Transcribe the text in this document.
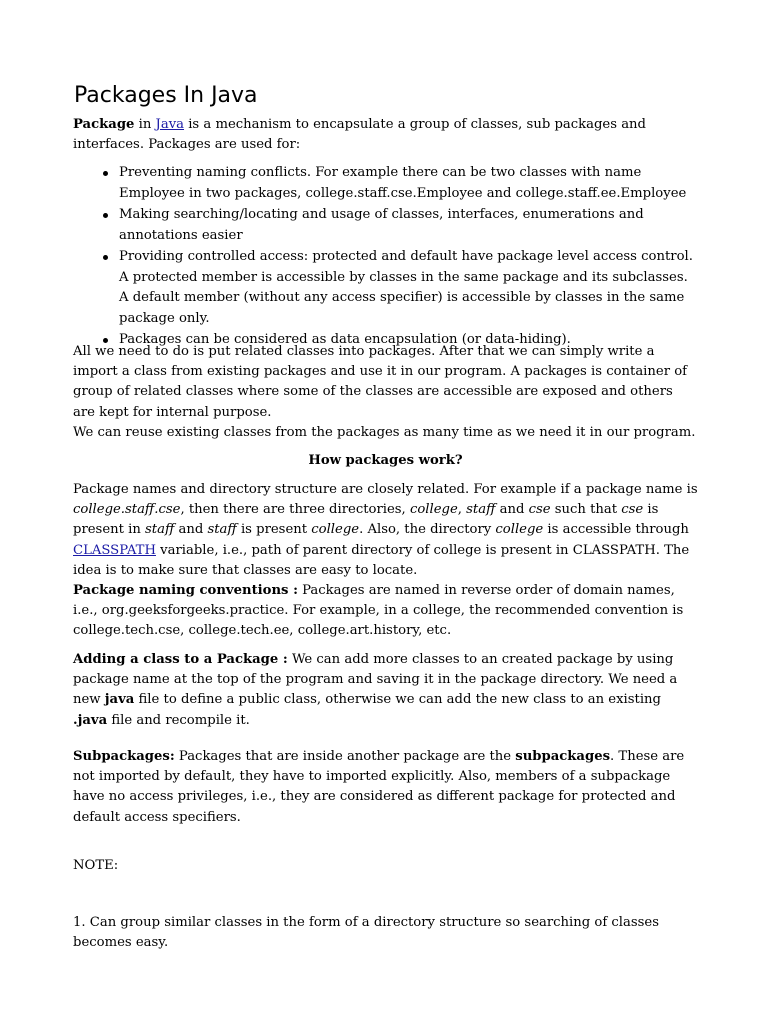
Packages In Java
Package in Java is a mechanism to encapsulate a group of classes, sub packages and interfaces. Packages are used for:
Preventing naming conflicts. For example there can be two classes with name Employee in two packages, college.staff.cse.Employee and college.staff.ee.Employee
Making searching/locating and usage of classes, interfaces, enumerations and annotations easier
Providing controlled access: protected and default have package level access control. A protected member is accessible by classes in the same package and its subclasses. A default member (without any access specifier) is accessible by classes in the same package only.
Packages can be considered as data encapsulation (or data-hiding).
All we need to do is put related classes into packages. After that we can simply write a import a class from existing packages and use it in our program. A packages is container of group of related classes where some of the classes are accessible are exposed and others are kept for internal purpose.
We can reuse existing classes from the packages as many time as we need it in our program.
How packages work?
Package names and directory structure are closely related. For example if a package name is college.staff.cse, then there are three directories, college, staff and cse such that cse is present in staff and staff is present college. Also, the directory college is accessible through CLASSPATH variable, i.e., path of parent directory of college is present in CLASSPATH. The idea is to make sure that classes are easy to locate.
Package naming conventions : Packages are named in reverse order of domain names, i.e., org.geeksforgeeks.practice. For example, in a college, the recommended convention is college.tech.cse, college.tech.ee, college.art.history, etc.
Adding a class to a Package : We can add more classes to an created package by using package name at the top of the program and saving it in the package directory. We need a new java file to define a public class, otherwise we can add the new class to an existing .java file and recompile it.
Subpackages: Packages that are inside another package are the subpackages. These are not imported by default, they have to imported explicitly. Also, members of a subpackage have no access privileges, i.e., they are considered as different package for protected and default access specifiers.
NOTE:
1. Can group similar classes in the form of a directory structure so searching of classes becomes easy.
